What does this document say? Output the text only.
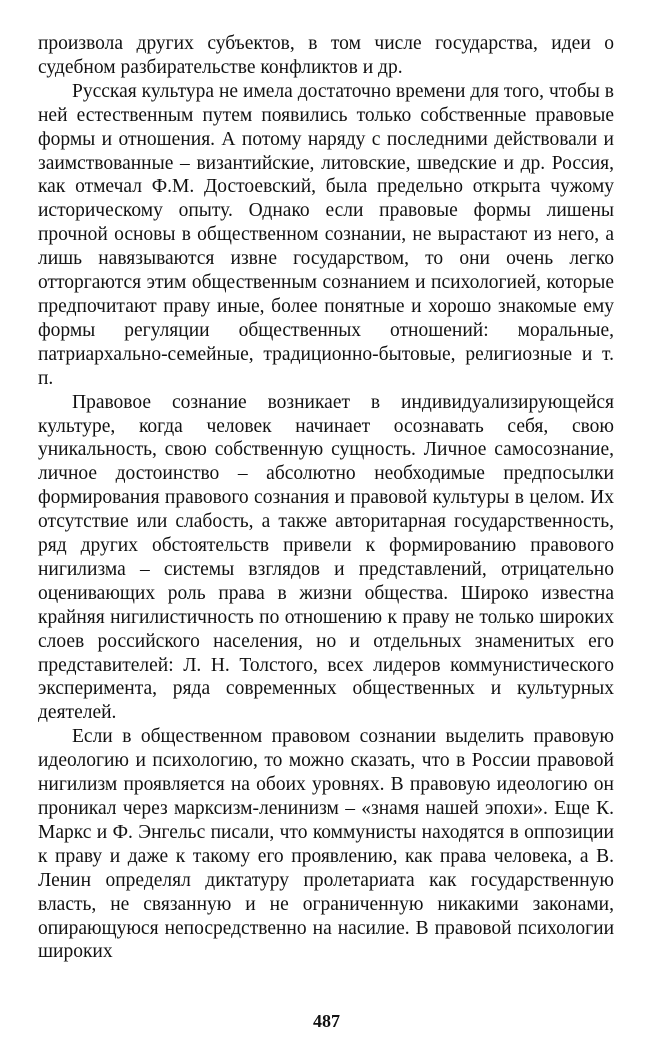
произвола других субъектов, в том числе государства, идеи о судебном разбирательстве конфликтов и др.

Русская культура не имела достаточно времени для того, чтобы в ней естественным путем появились только собственные правовые формы и отношения. А потому наряду с последними действовали и заимствованные – византийские, литовские, шведские и др. Россия, как отмечал Ф.М. Достоевский, была предельно открыта чужому историческому опыту. Однако если правовые формы лишены прочной основы в общественном сознании, не вырастают из него, а лишь навязываются извне государством, то они очень легко отторгаются этим общественным сознанием и психологией, которые предпочитают праву иные, более понятные и хорошо знакомые ему формы регуляции общественных отношений: моральные, патриархально-семейные, традиционно-бытовые, религиозные и т. п.

Правовое сознание возникает в индивидуализирующейся культуре, когда человек начинает осознавать себя, свою уникальность, свою собственную сущность. Личное самосознание, личное достоинство – абсолютно необходимые предпосылки формирования правового сознания и правовой культуры в целом. Их отсутствие или слабость, а также авторитарная государственность, ряд других обстоятельств привели к формированию правового нигилизма – системы взглядов и представлений, отрицательно оценивающих роль права в жизни общества. Широко известна крайняя нигилистичность по отношению к праву не только широких слоев российского населения, но и отдельных знаменитых его представителей: Л. Н. Толстого, всех лидеров коммунистического эксперимента, ряда современных общественных и культурных деятелей.

Если в общественном правовом сознании выделить правовую идеологию и психологию, то можно сказать, что в России правовой нигилизм проявляется на обоих уровнях. В правовую идеологию он проникал через марксизм-ленинизм – «знамя нашей эпохи». Еще К. Маркс и Ф. Энгельс писали, что коммунисты находятся в оппозиции к праву и даже к такому его проявлению, как права человека, а В. Ленин определял диктатуру пролетариата как государственную власть, не связанную и не ограниченную никакими законами, опирающуюся непосредственно на насилие. В правовой психологии широких

487
